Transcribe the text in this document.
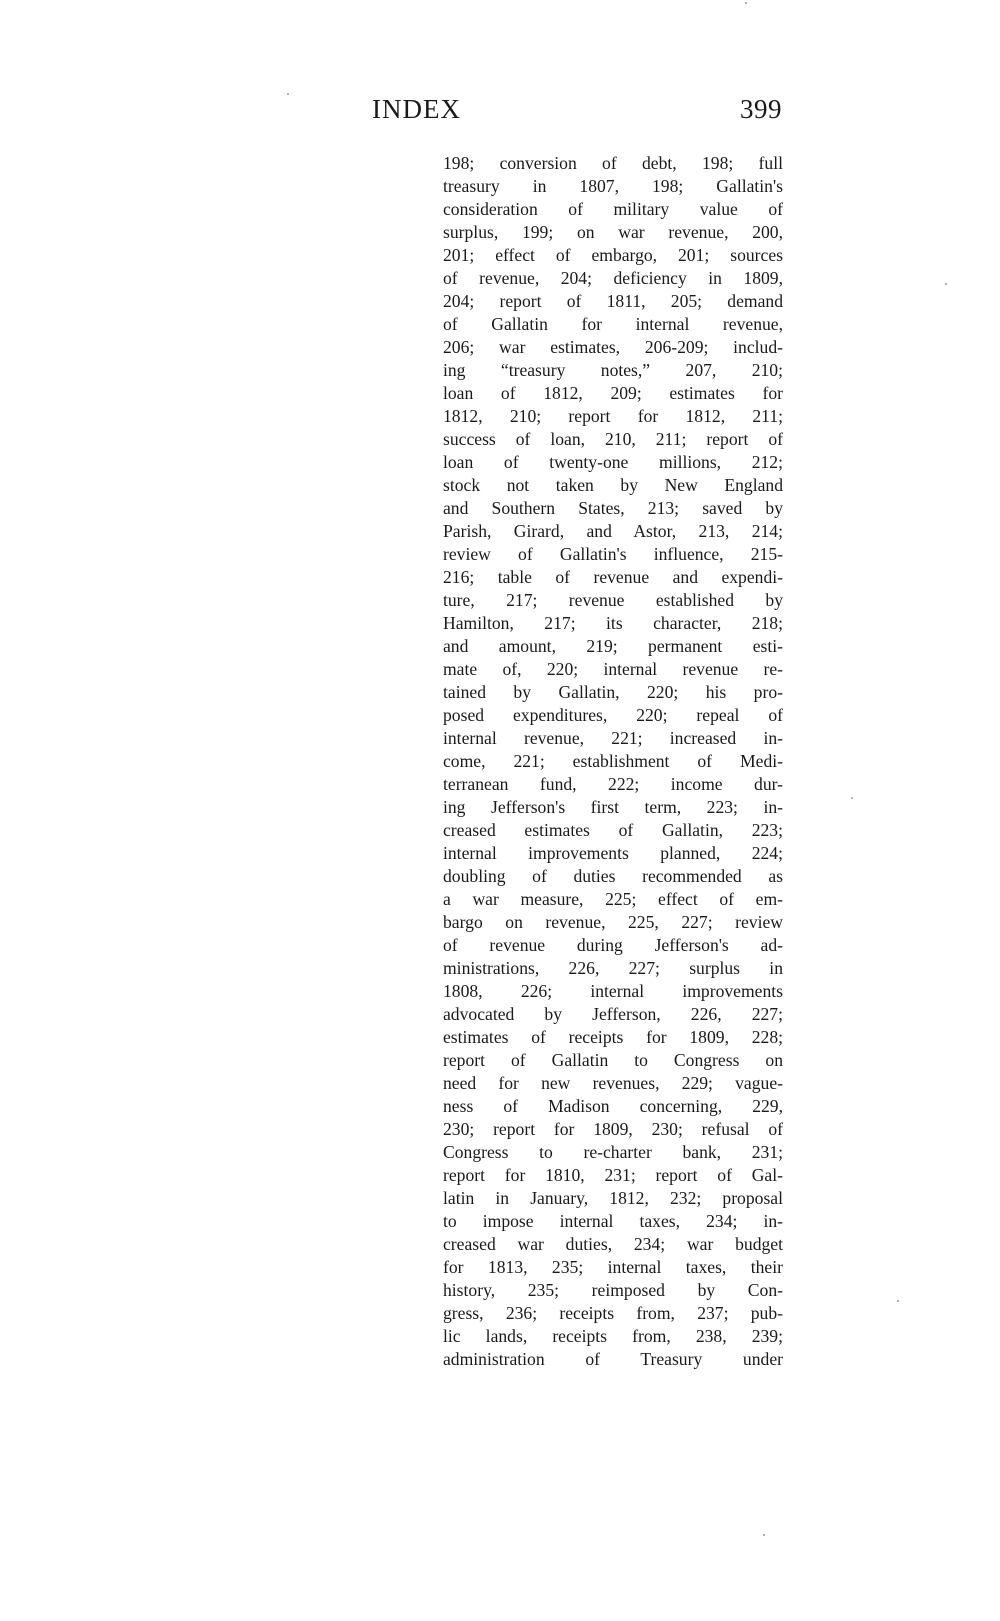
INDEX	399
198; conversion of debt, 198; full
treasury in 1807, 198; Gallatin's
consideration of military value of
surplus, 199; on war revenue, 200,
201; effect of embargo, 201; sources
of revenue, 204; deficiency in 1809,
204; report of 1811, 205; demand
of Gallatin for internal revenue,
206; war estimates, 206-209; includ-
ing “treasury notes,” 207, 210;
loan of 1812, 209; estimates for
1812, 210; report for 1812, 211;
success of loan, 210, 211; report of
loan of twenty-one millions, 212;
stock not taken by New England
and Southern States, 213; saved by
Parish, Girard, and Astor, 213, 214;
review of Gallatin's influence, 215-
216; table of revenue and expendi-
ture, 217; revenue established by
Hamilton, 217; its character, 218;
and amount, 219; permanent esti-
mate of, 220; internal revenue re-
tained by Gallatin, 220; his pro-
posed expenditures, 220; repeal of
internal revenue, 221; increased in-
come, 221; establishment of Medi-
terranean fund, 222; income dur-
ing Jefferson's first term, 223; in-
creased estimates of Gallatin, 223;
internal improvements planned, 224;
doubling of duties recommended as
a war measure, 225; effect of em-
bargo on revenue, 225, 227; review
of revenue during Jefferson's ad-
ministrations, 226, 227; surplus in
1808, 226; internal improvements
advocated by Jefferson, 226, 227;
estimates of receipts for 1809, 228;
report of Gallatin to Congress on
need for new revenues, 229; vague-
ness of Madison concerning, 229,
230; report for 1809, 230; refusal of
Congress to re-charter bank, 231;
report for 1810, 231; report of Gal-
latin in January, 1812, 232; proposal
to impose internal taxes, 234; in-
creased war duties, 234; war budget
for 1813, 235; internal taxes, their
history, 235; reimposed by Con-
gress, 236; receipts from, 237; pub-
lic lands, receipts from, 238, 239;
administration of Treasury under
